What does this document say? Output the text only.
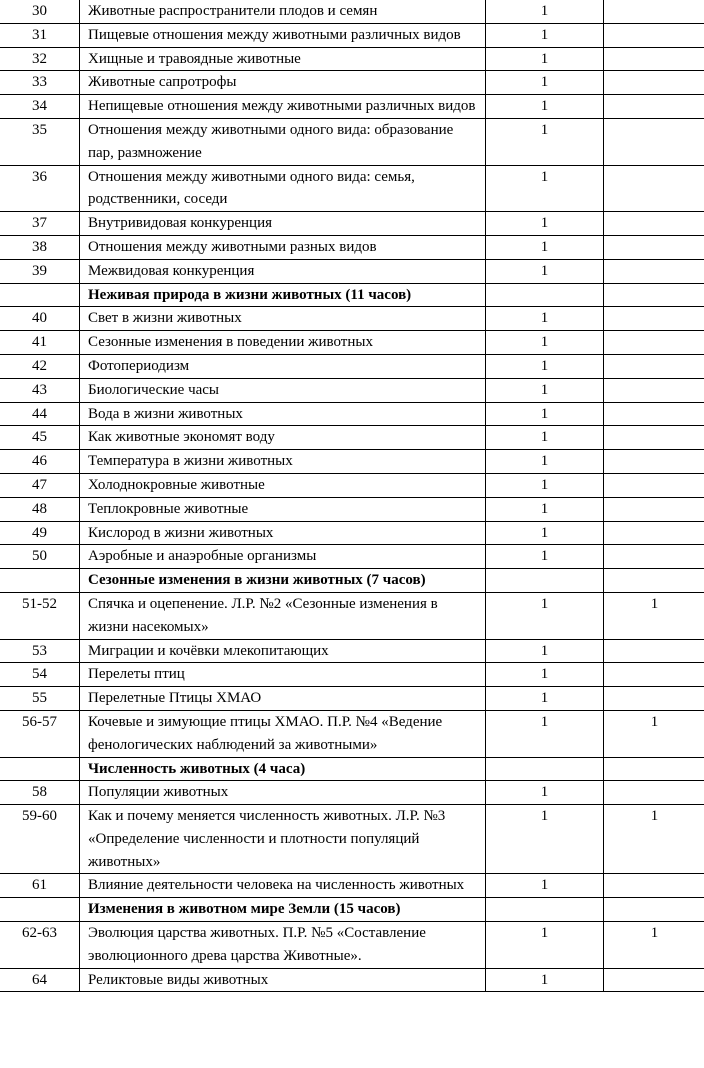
30	Животные распространители плодов и семян	1	
31	Пищевые отношения между животными различных видов	1	
32	Хищные и травоядные животные	1	
33	Животные сапротрофы	1	
34	Непищевые отношения между животными различных видов	1	
35	Отношения между животными одного вида: образование пар, размножение	1	
36	Отношения между животными одного вида: семья, родственники, соседи	1	
37	Внутривидовая конкуренция	1	
38	Отношения между животными разных видов	1	
39	Межвидовая конкуренция	1	
	Неживая природа в жизни животных (11 часов)		
40	Свет в жизни животных	1	
41	Сезонные изменения в поведении животных	1	
42	Фотопериодизм	1	
43	Биологические часы	1	
44	Вода в жизни животных	1	
45	Как животные экономят воду	1	
46	Температура в жизни животных	1	
47	Холоднокровные животные	1	
48	Теплокровные животные	1	
49	Кислород в жизни животных	1	
50	Аэробные и анаэробные организмы	1	
	Сезонные изменения в жизни животных (7 часов)		
51-52	Спячка и оцепенение. Л.Р. №2 «Сезонные изменения в жизни насекомых»	1	1
53	Миграции и кочёвки млекопитающих	1	
54	Перелеты птиц	1	
55	Перелетные Птицы ХМАО	1	
56-57	Кочевые и зимующие птицы ХМАО. П.Р. №4 «Ведение фенологических наблюдений за животными»	1	1
	Численность животных (4 часа)		
58	Популяции животных	1	
59-60	Как и почему меняется численность животных. Л.Р. №3 «Определение численности и плотности популяций животных»	1	1
61	Влияние деятельности человека на численность животных	1	
	Изменения в животном мире Земли (15 часов)		
62-63	Эволюция царства животных. П.Р. №5 «Составление эволюционного древа царства Животные».	1	1
64	Реликтовые виды животных	1	
